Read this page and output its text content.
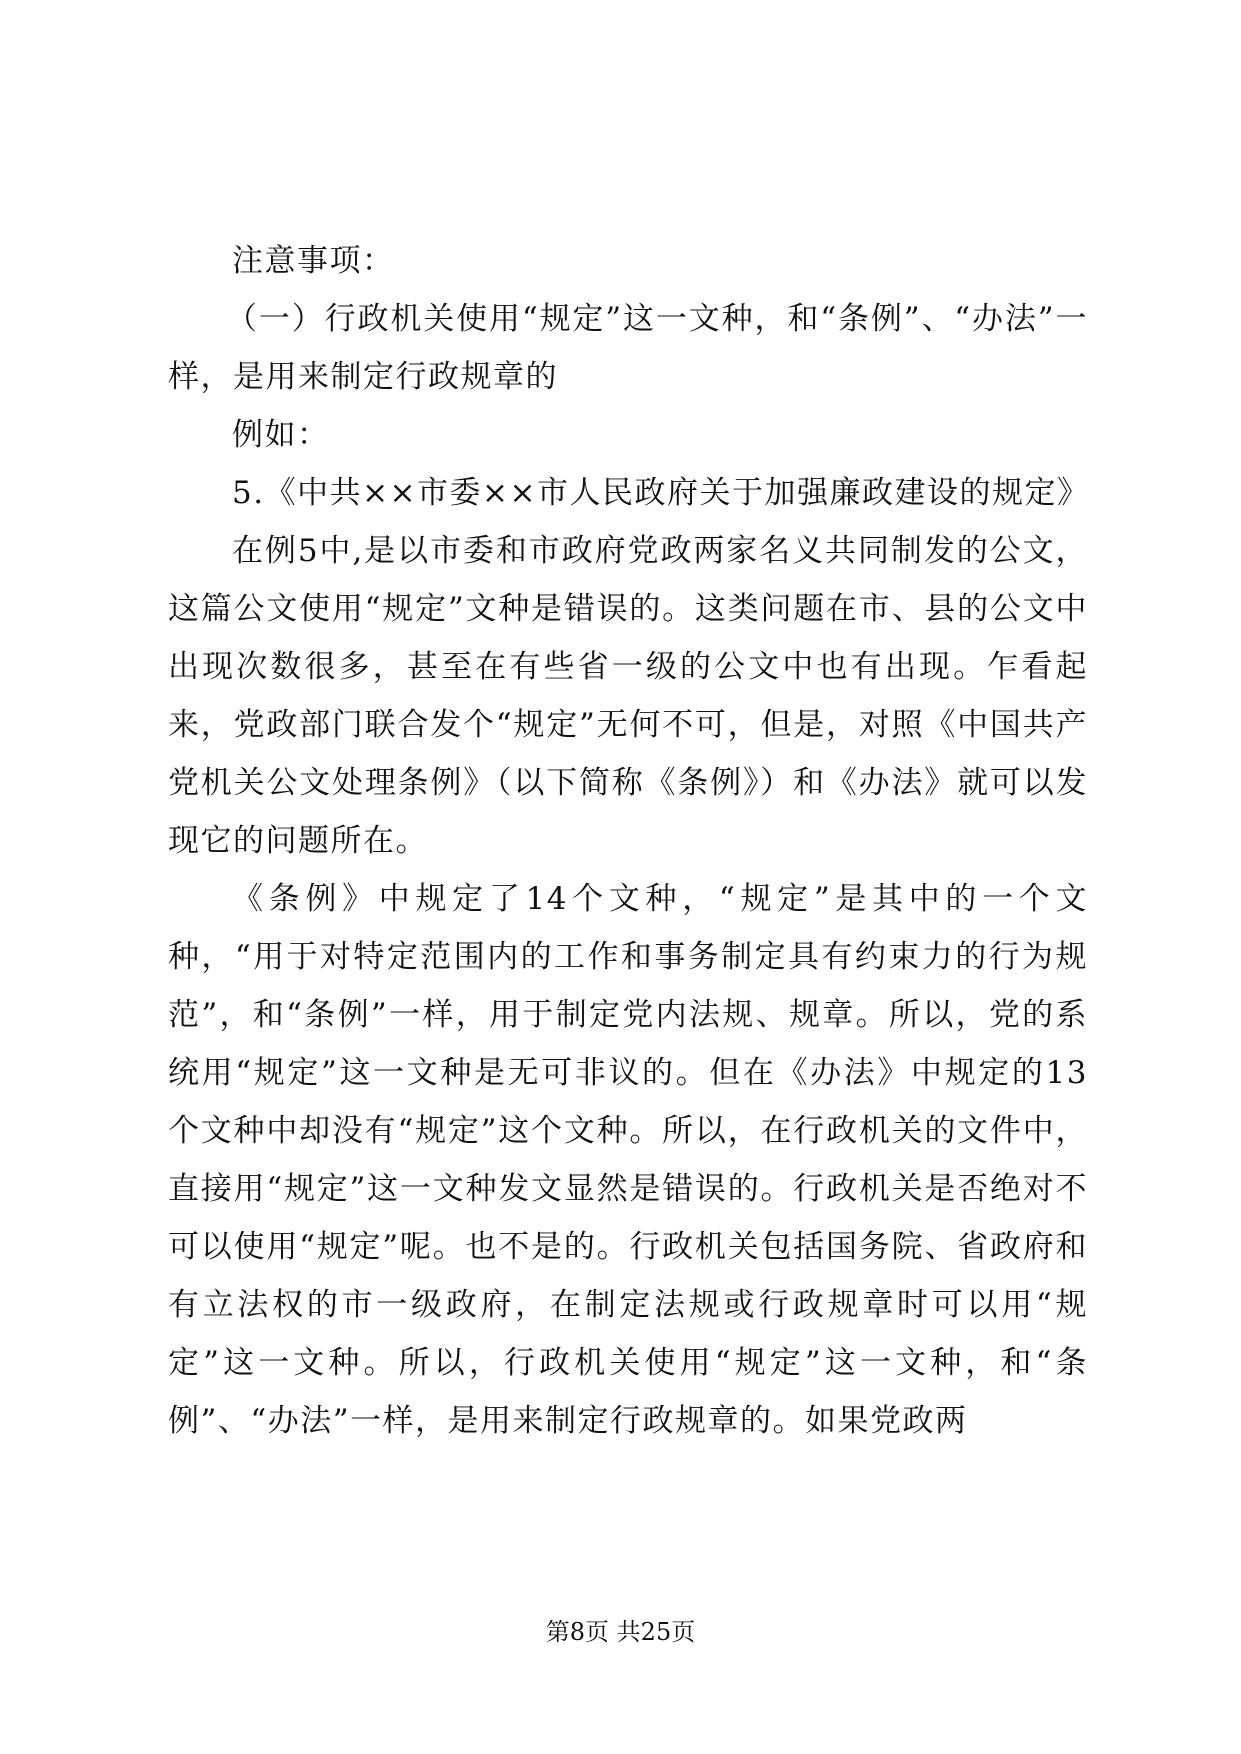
注意事项：

（一）行政机关使用“规定”这一文种，和“条例”、“办法”一样，是用来制定行政规章的

例如：

5.《中共××市委××市人民政府关于加强廉政建设的规定》

在例5中,是以市委和市政府党政两家名义共同制发的公文，这篇公文使用“规定”文种是错误的。这类问题在市、县的公文中出现次数很多，甚至在有些省一级的公文中也有出现。乍看起来，党政部门联合发个“规定”无何不可，但是，对照《中国共产党机关公文处理条例》（以下简称《条例》）和《办法》就可以发现它的问题所在。

《条例》中规定了14个文种，“规定”是其中的一个文种，“用于对特定范围内的工作和事务制定具有约束力的行为规范”，和“条例”一样，用于制定党内法规、规章。所以，党的系统用“规定”这一文种是无可非议的。但在《办法》中规定的13个文种中却没有“规定”这个文种。所以，在行政机关的文件中，直接用“规定”这一文种发文显然是错误的。行政机关是否绝对不可以使用“规定”呢。也不是的。行政机关包括国务院、省政府和有立法权的市一级政府，在制定法规或行政规章时可以用“规定”这一文种。所以，行政机关使用“规定”这一文种，和“条例”、“办法”一样，是用来制定行政规章的。如果党政两

第8页 共25页
